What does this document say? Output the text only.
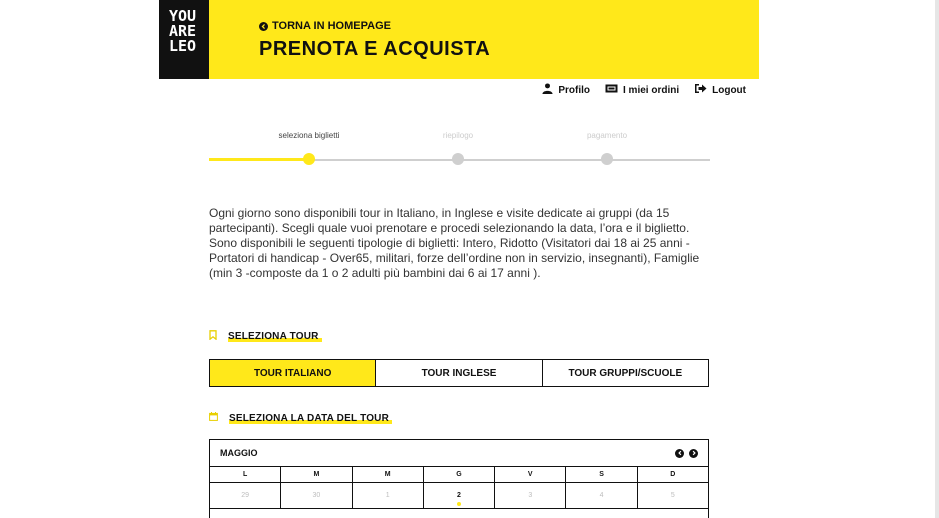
YOU
ARE
LEO
TORNA IN HOMEPAGE
PRENOTA E ACQUISTA
Profilo	I miei ordini	Logout
seleziona biglietti	riepilogo	pagamento

Ogni giorno sono disponibili tour in Italiano, in Inglese e visite dedicate ai gruppi (da 15 partecipanti). Scegli quale vuoi prenotare e procedi selezionando la data, l’ora e il biglietto. Sono disponibili le seguenti tipologie di biglietti: Intero, Ridotto (Visitatori dai 18 ai 25 anni - Portatori di handicap - Over65, militari, forze dell’ordine non in servizio, insegnanti), Famiglie (min 3 -composte da 1 o 2 adulti più bambini dai 6 ai 17 anni ).

SELEZIONA TOUR
TOUR ITALIANO	TOUR INGLESE	TOUR GRUPPI/SCUOLE
SELEZIONA LA DATA DEL TOUR
MAGGIO
L	M	M	G	V	S	D
29	30	1	2	3	4	5
